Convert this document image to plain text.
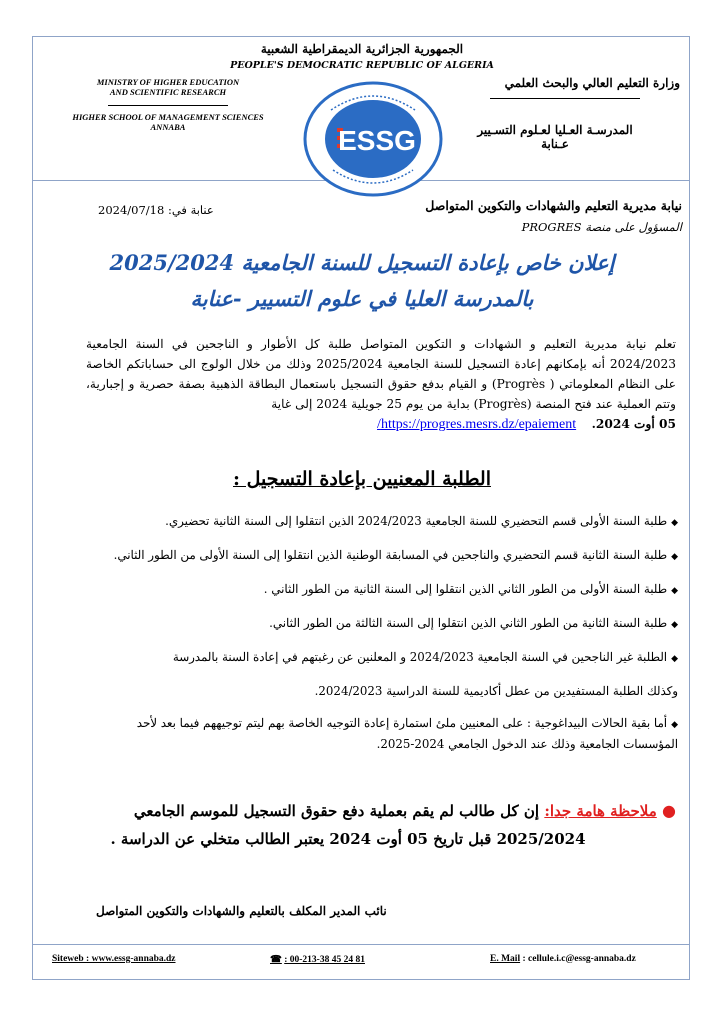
الجمهورية الجزائرية الديمقراطية الشعبية
PEOPLE'S DEMOCRATIC REPUBLIC OF ALGERIA
MINISTRY OF HIGHER EDUCATION
AND SCIENTIFIC RESEARCH
HIGHER SCHOOL OF MANAGEMENT SCIENCES
ANNABA
وزارة التعليم العالي والبحث العلمي
المدرسـة العـليا لعـلوم التسـيير
عـنابة
ESSG
نيابة مديرية التعليم والشهادات والتكوين المتواصل
المسؤول على منصة PROGRES
عنابة في: 2024/07/18
إعلان خاص بإعادة التسجيل للسنة الجامعية 2025/2024
بالمدرسة العليا في علوم التسيير -عنابة
تعلم نيابة مديرية التعليم و الشهادات و التكوين المتواصل طلبة كل الأطوار و الناجحين في السنة الجامعية 2024/2023 أنه بإمكانهم إعادة التسجيل للسنة الجامعية 2025/2024 وذلك من خلال الولوج الى حساباتكم الخاصة على النظام المعلوماتي ( Progrès) و القيام بدفع حقوق التسجيل باستعمال البطاقة الذهبية بصفة حصرية و إجبارية، وتتم العملية عند فتح المنصة (Progrès) بداية من يوم 25 جويلية 2024 إلى غاية
05 أوت 2024.    https://progres.mesrs.dz/epaiement/
الطلبة المعنيين بإعادة التسجيل :
◆طلبة السنة الأولى قسم التحضيري للسنة الجامعية 2024/2023 الذين انتقلوا إلى السنة الثانية تحضيري.
◆طلبة السنة الثانية قسم التحضيري والناجحين في المسابقة الوطنية الذين انتقلوا إلى السنة الأولى من الطور الثاني.
◆طلبة السنة الأولى من الطور الثاني الذين انتقلوا إلى السنة الثانية من الطور الثاني .
◆طلبة السنة الثانية من الطور الثاني الذين انتقلوا إلى السنة الثالثة من الطور الثاني.
◆الطلبة غير الناجحين في السنة الجامعية 2024/2023 و المعلنين عن رغبتهم في إعادة السنة بالمدرسة
وكذلك الطلبة المستفيدين من عطل أكاديمية للسنة الدراسية 2024/2023.
◆أما بقية الحالات البيداغوجية : على المعنيين ملئ استمارة إعادة التوجيه الخاصة بهم ليتم توجيههم فيما بعد لأحد المؤسسات الجامعية وذلك عند الدخول الجامعي 2024-2025.
● ملاحظة هامة جدا: إن كل طالب لم يقم بعملية دفع حقوق التسجيل للموسم الجامعي
2025/2024 قبل تاريخ 05 أوت 2024 يعتبر الطالب متخلي عن الدراسة .
نائب المدير المكلف بالتعليم والشهادات والتكوين المتواصل
Siteweb : www.essg-annaba.dz	☎ : 00-213-38 45 24 81	E. Mail : cellule.i.c@essg-annaba.dz
